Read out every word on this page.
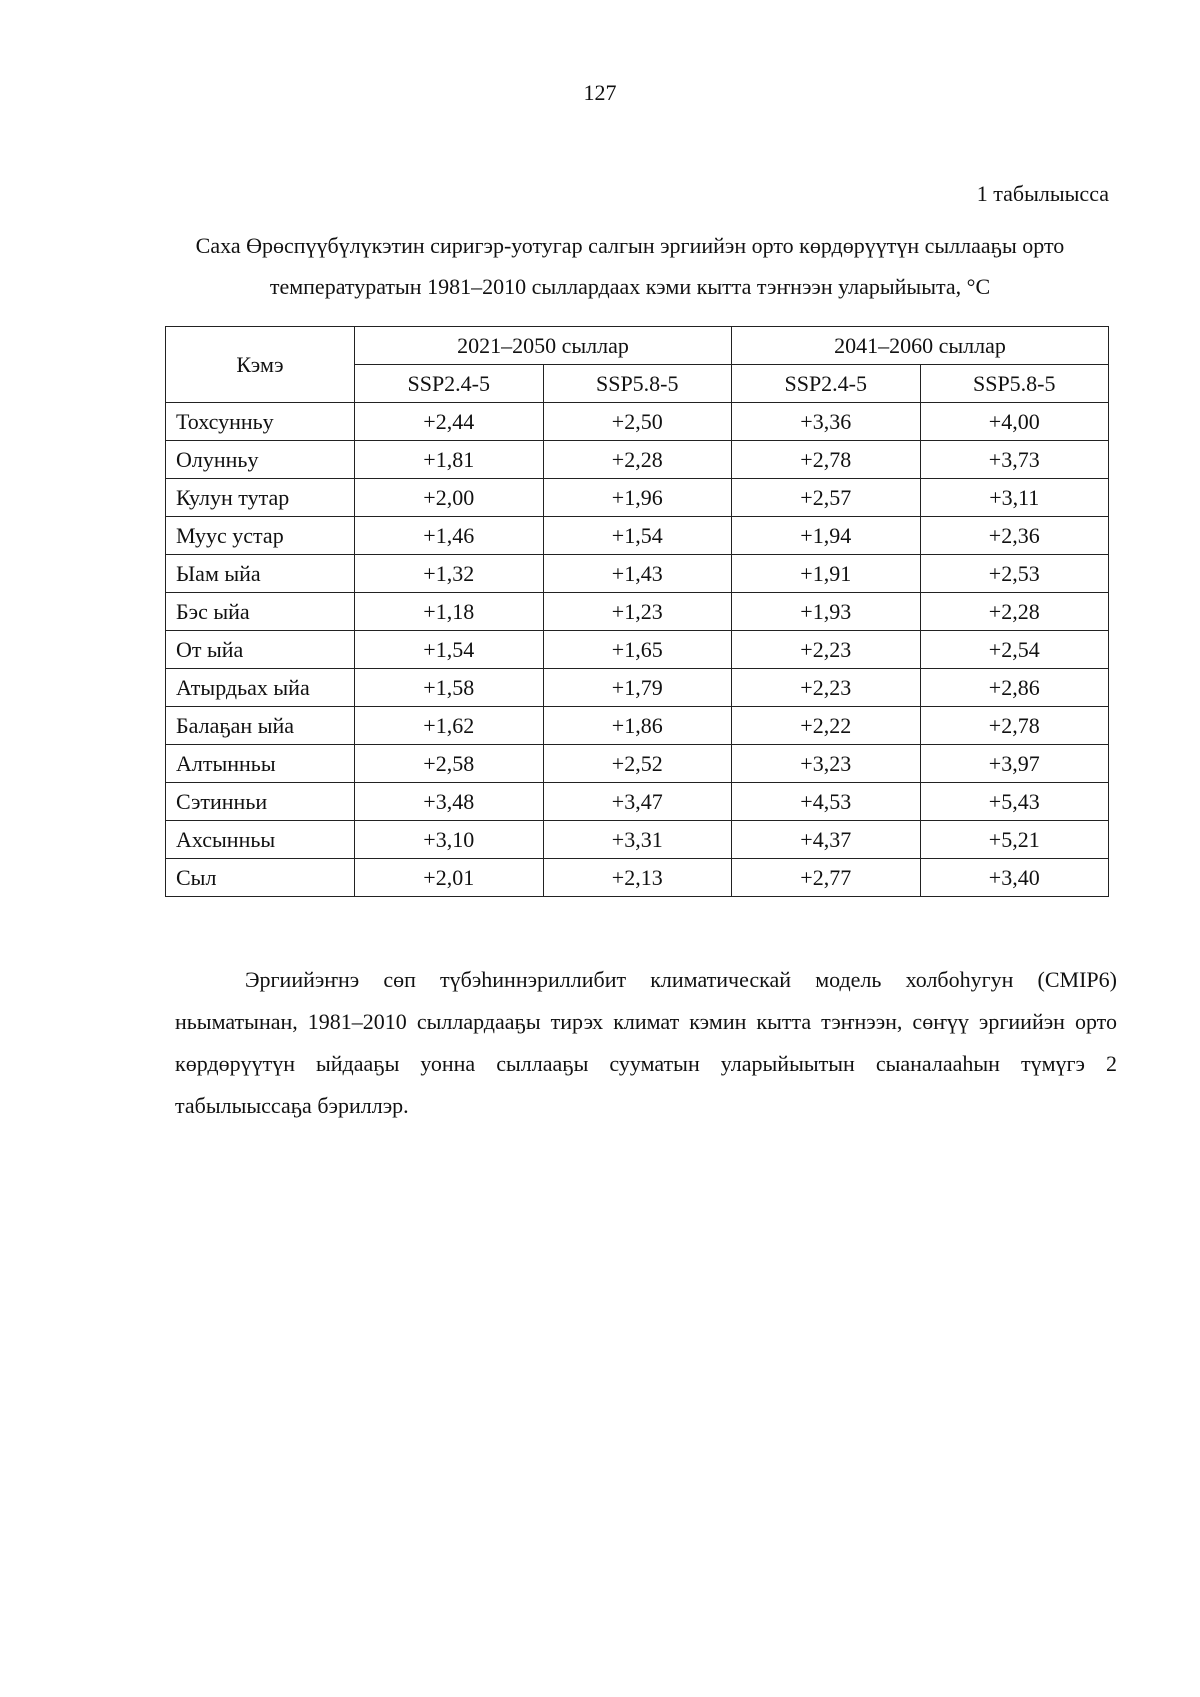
127
1 табылыысса
Саха Өрөспүүбүлүкэтин сиригэр-уотугар салгын эргиийэн орто көрдөрүүтүн сыллааҕы орто температуратын 1981–2010 сыллардаах кэми кытта тэҥнээн уларыйыыта, °С
Кэмэ	2021–2050 сыллар		2041–2060 сыллар	
	SSP2.4-5	SSP5.8-5	SSP2.4-5	SSP5.8-5
Тохсунньу	+2,44	+2,50	+3,36	+4,00
Олунньу	+1,81	+2,28	+2,78	+3,73
Кулун тутар	+2,00	+1,96	+2,57	+3,11
Муус устар	+1,46	+1,54	+1,94	+2,36
Ыам ыйа	+1,32	+1,43	+1,91	+2,53
Бэс ыйа	+1,18	+1,23	+1,93	+2,28
От ыйа	+1,54	+1,65	+2,23	+2,54
Атырдьах ыйа	+1,58	+1,79	+2,23	+2,86
Балаҕан ыйа	+1,62	+1,86	+2,22	+2,78
Алтынньы	+2,58	+2,52	+3,23	+3,97
Сэтинньи	+3,48	+3,47	+4,53	+5,43
Ахсынньы	+3,10	+3,31	+4,37	+5,21
Сыл	+2,01	+2,13	+2,77	+3,40
Эргиийэҥнэ сөп түбэһиннэриллибит климатическай модель холбоһугун (CMIP6) ньыматынан, 1981–2010 сыллардааҕы тирэх климат кэмин кытта тэҥнээн, сөҥүү эргиийэн орто көрдөрүүтүн ыйдааҕы уонна сыллааҕы сууматын уларыйыытын сыаналааһын түмүгэ 2 табылыыссаҕа бэриллэр.
